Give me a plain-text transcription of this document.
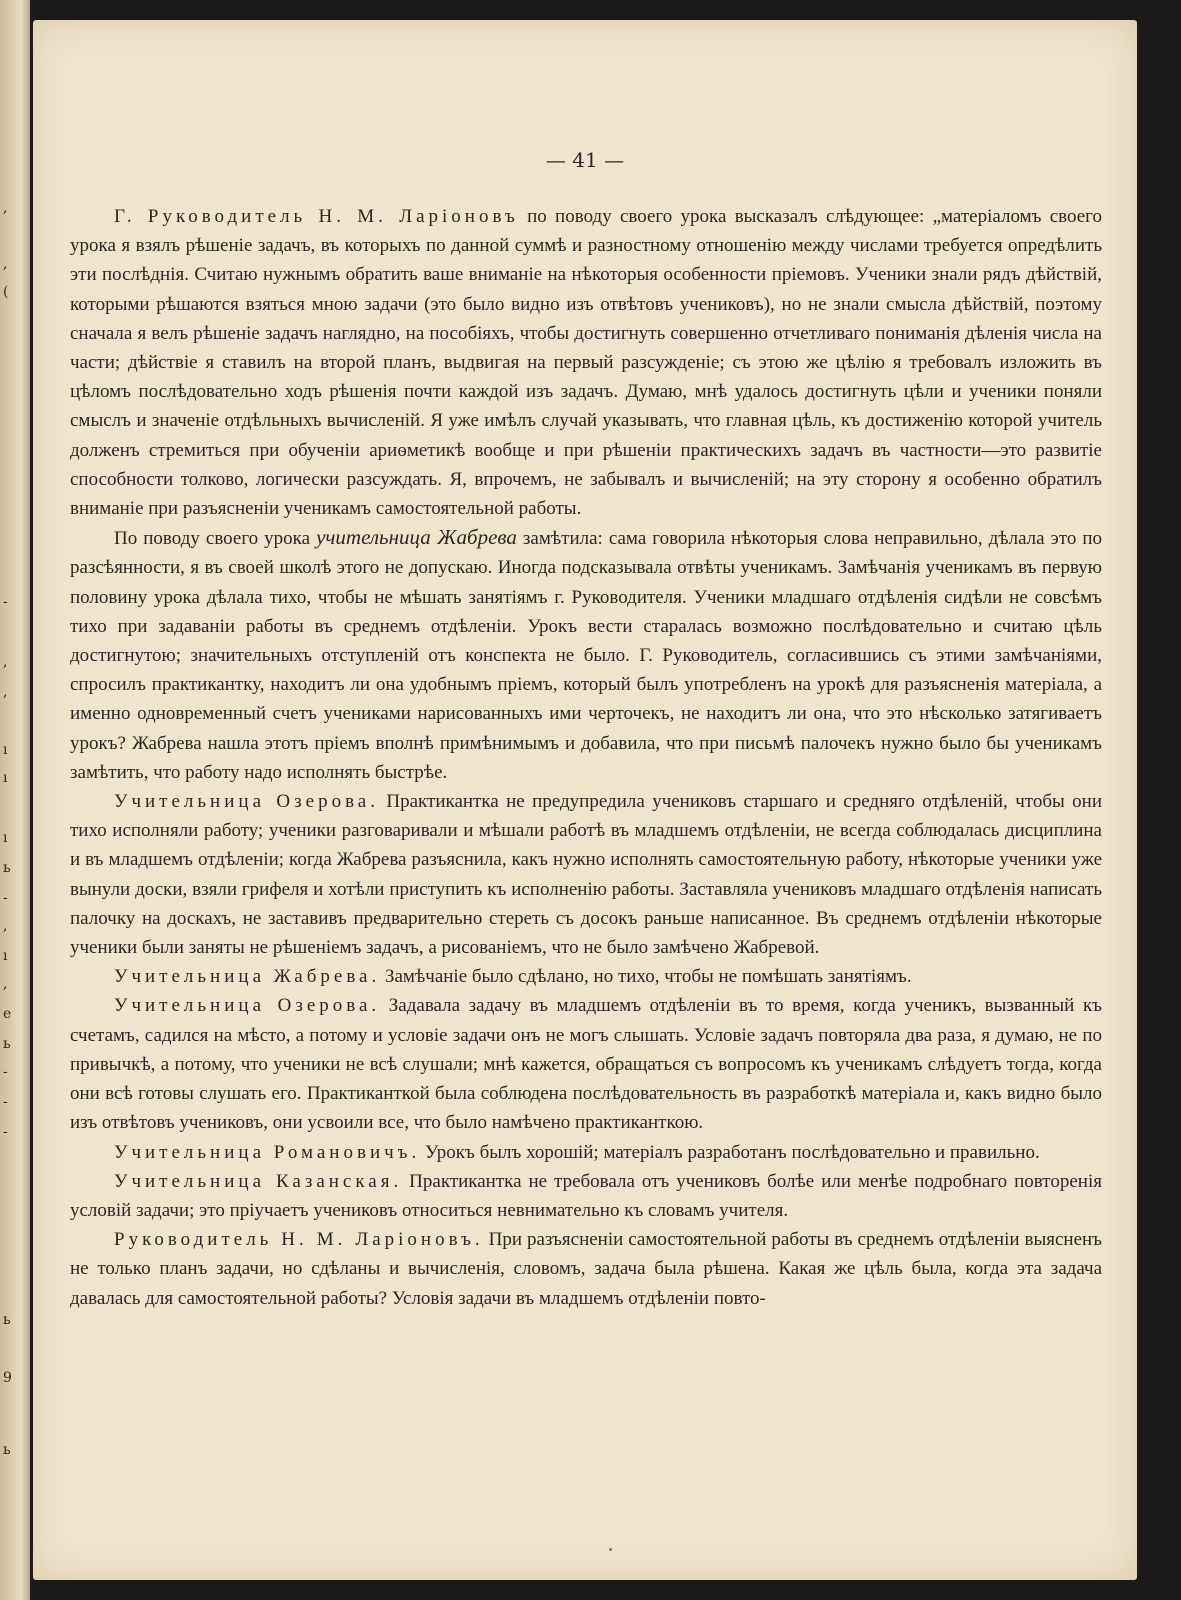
,
,
(
-
,
,
ı
ı
ı
ь
-
,
ı
,
e
ь
-
-
-
ь
9
ь
— 41 —

Г. Руководитель Н. М. Ларіоновъ по поводу своего урока высказалъ слѣдующее: „матеріаломъ своего урока я взялъ рѣшеніе задачъ, въ которыхъ по данной суммѣ и разностному отношенію между числами требуется опредѣлить эти послѣднія. Считаю нужнымъ обратить ваше вниманіе на нѣкоторыя особенности пріемовъ. Ученики знали рядъ дѣйствій, которыми рѣшаются взяться мною задачи (это было видно изъ отвѣтовъ учениковъ), но не знали смысла дѣйствій, поэтому сначала я велъ рѣшеніе задачъ наглядно, на пособіяхъ, чтобы достигнуть совершенно отчетливаго пониманія дѣленія числа на части; дѣйствіе я ставилъ на второй планъ, выдвигая на первый разсужденіе; съ этою же цѣлію я требовалъ изложить въ цѣломъ послѣдовательно ходъ рѣшенія почти каждой изъ задачъ. Думаю, мнѣ удалось достигнуть цѣли и ученики поняли смыслъ и значеніе отдѣльныхъ вычисленій. Я уже имѣлъ случай указывать, что главная цѣль, къ достиженію которой учитель долженъ стремиться при обученіи ариѳметикѣ вообще и при рѣшеніи практическихъ задачъ въ частности—это развитіе способности толково, логически разсуждать. Я, впрочемъ, не забывалъ и вычисленій; на эту сторону я особенно обратилъ вниманіе при разъясненіи ученикамъ самостоятельной работы.

По поводу своего урока учительница Жабрева замѣтила: сама говорила нѣкоторыя слова неправильно, дѣлала это по разсѣянности, я въ своей школѣ этого не допускаю. Иногда подсказывала отвѣты ученикамъ. Замѣчанія ученикамъ въ первую половину урока дѣлала тихо, чтобы не мѣшать занятіямъ г. Руководителя. Ученики младшаго отдѣленія сидѣли не совсѣмъ тихо при задаваніи работы въ среднемъ отдѣленіи. Урокъ вести старалась возможно послѣдовательно и считаю цѣль достигнутою; значительныхъ отступленій отъ конспекта не было. Г. Руководитель, согласившись съ этими замѣчаніями, спросилъ практикантку, находитъ ли она удобнымъ пріемъ, который былъ употребленъ на урокѣ для разъясненія матеріала, а именно одновременный счетъ учениками нарисованныхъ ими черточекъ, не находитъ ли она, что это нѣсколько затягиваетъ урокъ? Жабрева нашла этотъ пріемъ вполнѣ примѣнимымъ и добавила, что при письмѣ палочекъ нужно было бы ученикамъ замѣтить, что работу надо исполнять быстрѣе.

Учительница Озерова. Практикантка не предупредила учениковъ старшаго и средняго отдѣленій, чтобы они тихо исполняли работу; ученики разговаривали и мѣшали работѣ въ младшемъ отдѣленіи, не всегда соблюдалась дисциплина и въ младшемъ отдѣленіи; когда Жабрева разъяснила, какъ нужно исполнять самостоятельную работу, нѣкоторые ученики уже вынули доски, взяли грифеля и хотѣли приступить къ исполненію работы. Заставляла учениковъ младшаго отдѣленія написать палочку на доскахъ, не заставивъ предварительно стереть съ досокъ раньше написанное. Въ среднемъ отдѣленіи нѣкоторые ученики были заняты не рѣшеніемъ задачъ, а рисованіемъ, что не было замѣчено Жабревой.

Учительница Жабрева. Замѣчаніе было сдѣлано, но тихо, чтобы не помѣшать занятіямъ.

Учительница Озерова. Задавала задачу въ младшемъ отдѣленіи въ то время, когда ученикъ, вызванный къ счетамъ, садился на мѣсто, а потому и условіе задачи онъ не могъ слышать. Условіе задачъ повторяла два раза, я думаю, не по привычкѣ, а потому, что ученики не всѣ слушали; мнѣ кажется, обращаться съ вопросомъ къ ученикамъ слѣдуетъ тогда, когда они всѣ готовы слушать его. Практиканткой была соблюдена послѣдовательность въ разработкѣ матеріала и, какъ видно было изъ отвѣтовъ учениковъ, они усвоили все, что было намѣчено практиканткою.

Учительница Романовичъ. Урокъ былъ хорошій; матеріалъ разработанъ послѣдовательно и правильно.

Учительница Казанская. Практикантка не требовала отъ учениковъ болѣе или менѣе подробнаго повторенія условій задачи; это пріучаетъ учениковъ относиться невнимательно къ словамъ учителя.

Руководитель Н. М. Ларіоновъ. При разъясненіи самостоятельной работы въ среднемъ отдѣленіи выясненъ не только планъ задачи, но сдѣланы и вычисленія, словомъ, задача была рѣшена. Какая же цѣль была, когда эта задача давалась для самостоятельной работы? Условія задачи въ младшемъ отдѣленіи повто-
